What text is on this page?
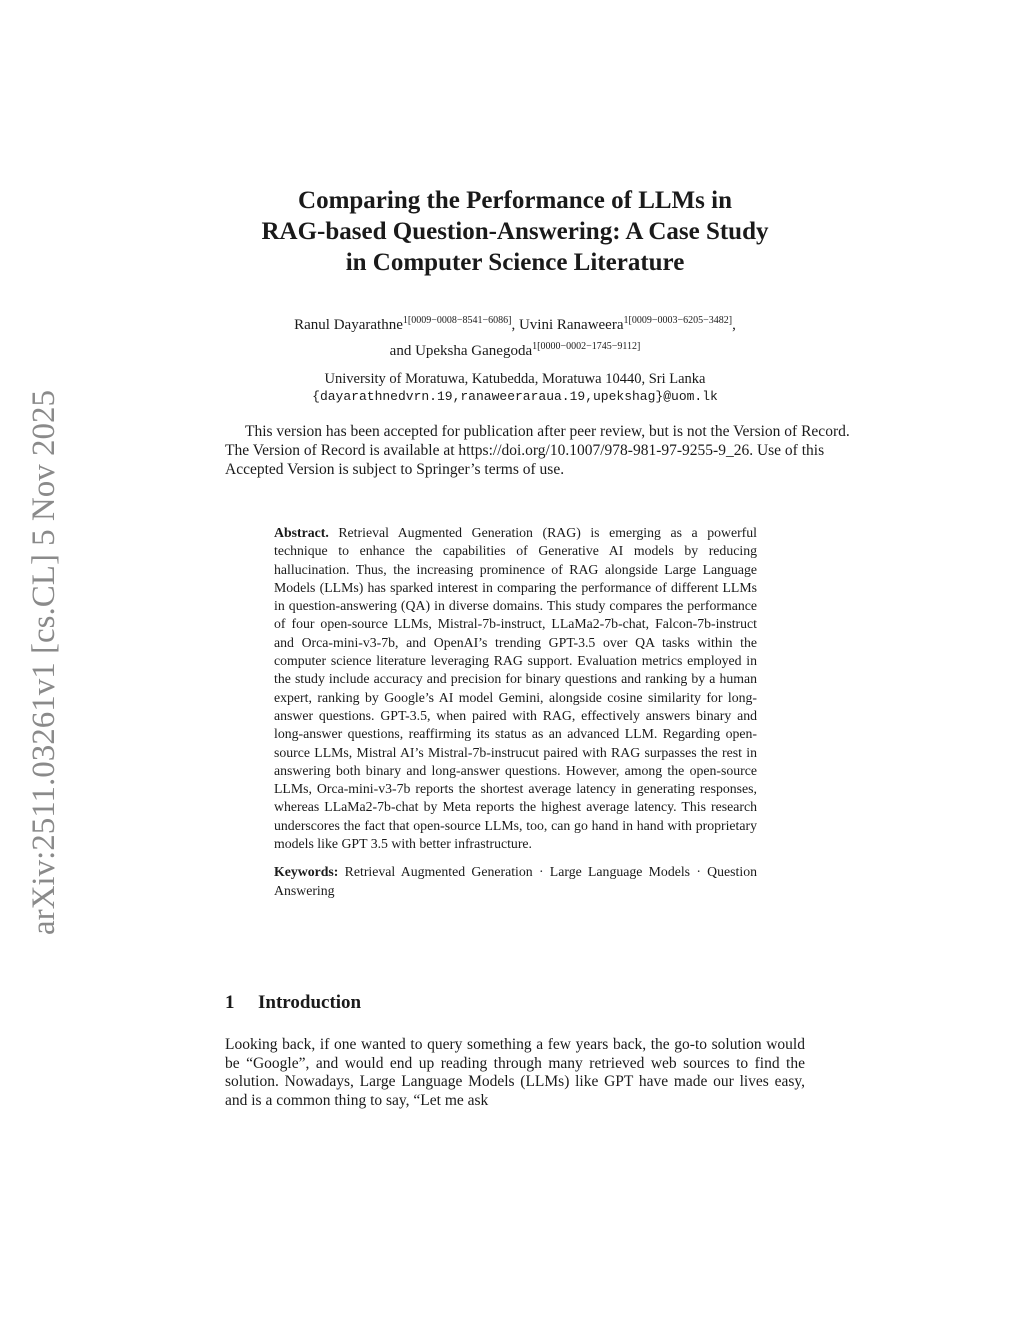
arXiv:2511.03261v1 [cs.CL] 5 Nov 2025
Comparing the Performance of LLMs in
RAG-based Question-Answering: A Case Study
in Computer Science Literature
Ranul Dayarathne$^{1[0009-0008-8541-6086]}$, Uvini Ranaweera$^{1[0009-0003-6205-3482]}$,
and Upeksha Ganegoda$^{1[0000-0002-1745-9112]}$
University of Moratuwa, Katubedda, Moratuwa 10440, Sri Lanka
{dayarathnedvrn.19,ranaweeraraua.19,upekshag}@uom.lk

This version has been accepted for publication after peer review, but is not the Version of Record. The Version of Record is available at https://doi.org/10.1007/978-981-97-9255-9_26. Use of this Accepted Version is subject to Springer’s terms of use.

Abstract. Retrieval Augmented Generation (RAG) is emerging as a powerful technique to enhance the capabilities of Generative AI models by reducing hallucination. Thus, the increasing prominence of RAG alongside Large Language Models (LLMs) has sparked interest in comparing the performance of different LLMs in question-answering (QA) in diverse domains. This study compares the performance of four open-source LLMs, Mistral-7b-instruct, LLaMa2-7b-chat, Falcon-7b-instruct and Orca-mini-v3-7b, and OpenAI’s trending GPT-3.5 over QA tasks within the computer science literature leveraging RAG support. Evaluation metrics employed in the study include accuracy and precision for binary questions and ranking by a human expert, ranking by Google’s AI model Gemini, alongside cosine similarity for long-answer questions. GPT-3.5, when paired with RAG, effectively answers binary and long-answer questions, reaffirming its status as an advanced LLM. Regarding open-source LLMs, Mistral AI’s Mistral-7b-instrucut paired with RAG surpasses the rest in answering both binary and long-answer questions. However, among the open-source LLMs, Orca-mini-v3-7b reports the shortest average latency in generating responses, whereas LLaMa2-7b-chat by Meta reports the highest average latency. This research underscores the fact that open-source LLMs, too, can go hand in hand with proprietary models like GPT 3.5 with better infrastructure.

Keywords: Retrieval Augmented Generation · Large Language Models · Question Answering

1 Introduction

Looking back, if one wanted to query something a few years back, the go-to solution would be “Google”, and would end up reading through many retrieved web sources to find the solution. Nowadays, Large Language Models (LLMs) like GPT have made our lives easy, and is a common thing to say, “Let me ask
